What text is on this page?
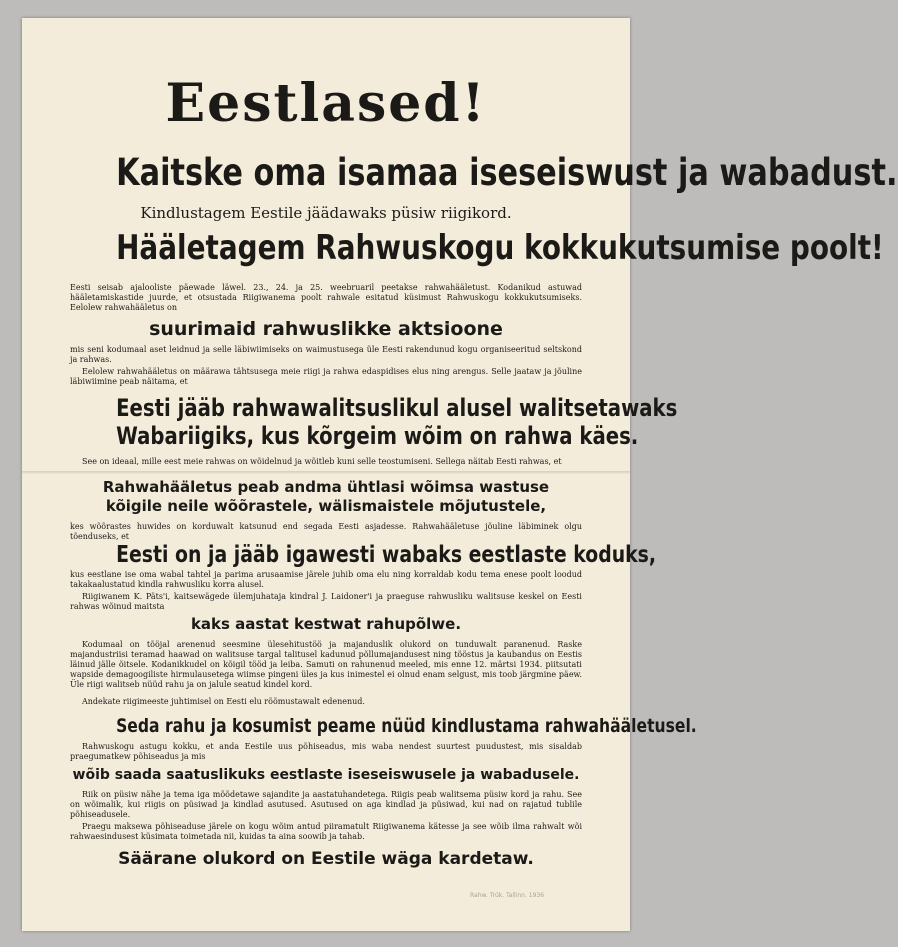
Eestlased!
Kaitske oma isamaa iseseiswust ja wabadust.
Kindlustagem Eestile jäädawaks püsiw riigikord.
Hääletagem Rahwuskogu kokkukutsumise poolt!
Eesti seisab ajalooliste päewade läwel. 23., 24. ja 25. weebruaril peetakse rahwahääletust. Kodanikud astuwad hääletamiskastide juurde, et otsustada Riigiwanema poolt rahwale esitatud küsimust Rahwuskogu kokkukutsumiseks. Eelolew rahwahääletus on
suurimaid rahwuslikke aktsioone
mis seni kodumaal aset leidnud ja selle läbiwiimiseks on waimustusega üle Eesti rakendunud kogu organiseeritud seltskond ja rahwas.
Eelolew rahwahääletus on määrawa tähtsusega meie riigi ja rahwa edaspidises elus ning arengus. Selle jaataw ja jõuline läbiwiimine peab näitama, et
Eesti jääb rahwawalitsuslikul alusel walitsetawaks
Wabariigiks, kus kõrgeim wõim on rahwa käes.
See on ideaal, mille eest meie rahwas on wõidelnud ja wõitleb kuni selle teostumiseni. Sellega näitab Eesti rahwas, et
Rahwahääletus peab andma ühtlasi wõimsa wastuse
kõigile neile wõõrastele, wälismaistele mõjutustele,
kes wõõrastes huwides on korduwalt katsunud end segada Eesti asjadesse. Rahwahääletuse jõuline läbiminek olgu tõenduseks, et
Eesti on ja jääb igawesti wabaks eestlaste koduks,
kus eestlane ise oma wabal tahtel ja parima arusaamise järele juhib oma elu ning korraldab kodu tema enese poolt loodud takakaalustatud kindla rahwusliku korra alusel.
Riigiwanem K. Päts'i, kaitsewägede ülemjuhataja kindral J. Laidoner'i ja praeguse rahwusliku walitsuse keskel on Eesti rahwas wõinud maitsta
kaks aastat kestwat rahupõlwe.
Kodumaal on tõöjal arenenud seesmine ülesehitustöö ja majanduslik olukord on tunduwalt paranenud. Raske majandustriisi teramad haawad on walitsuse targal talitusel kadunud põllumajandusest ning tööstus ja kaubandus on Eestis läinud jälle õitsele. Kodanikkudel on kõigil tööd ja leiba. Samuti on rahunenud meeled, mis enne 12. märtsi 1934. piitsutati wapside demagoogiliste hirmulausetega wiimse pingeni üles ja kus inimestel ei olnud enam selgust, mis toob järgmine päew. Üle riigi walitseb nüüd rahu ja on jalule seatud kindel kord.
Andekate riigimeeste juhtimisel on Eesti elu rõõmustawalt edenenud.
Seda rahu ja kosumist peame nüüd kindlustama rahwahääletusel.
Rahwuskogu astugu kokku, et anda Eestile uus põhiseadus, mis waba nendest suurtest puudustest, mis sisaldab praegumatkew põhiseadus ja mis
wõib saada saatuslikuks eestlaste iseseiswusele ja wabadusele.
Riik on püsiw nähe ja tema iga mõõdetawe sajandite ja aastatuhandetega. Riigis peab walitsema püsiw kord ja rahu. See on wõimalik, kui riigis on püsiwad ja kindlad asutused. Asutused on aga kindlad ja püsiwad, kui nad on rajatud tublile põhiseadusele.
Praegu maksewa põhiseaduse järele on kogu wõim antud piiramatult Riigiwanema kätesse ja see wõib ilma rahwalt wõi rahwaesindusest küsimata toimetada nii, kuidas ta aina soowib ja tahab.
Säärane olukord on Eestile wäga kardetaw.
Rahw. Trük. Tallinn. 1936
